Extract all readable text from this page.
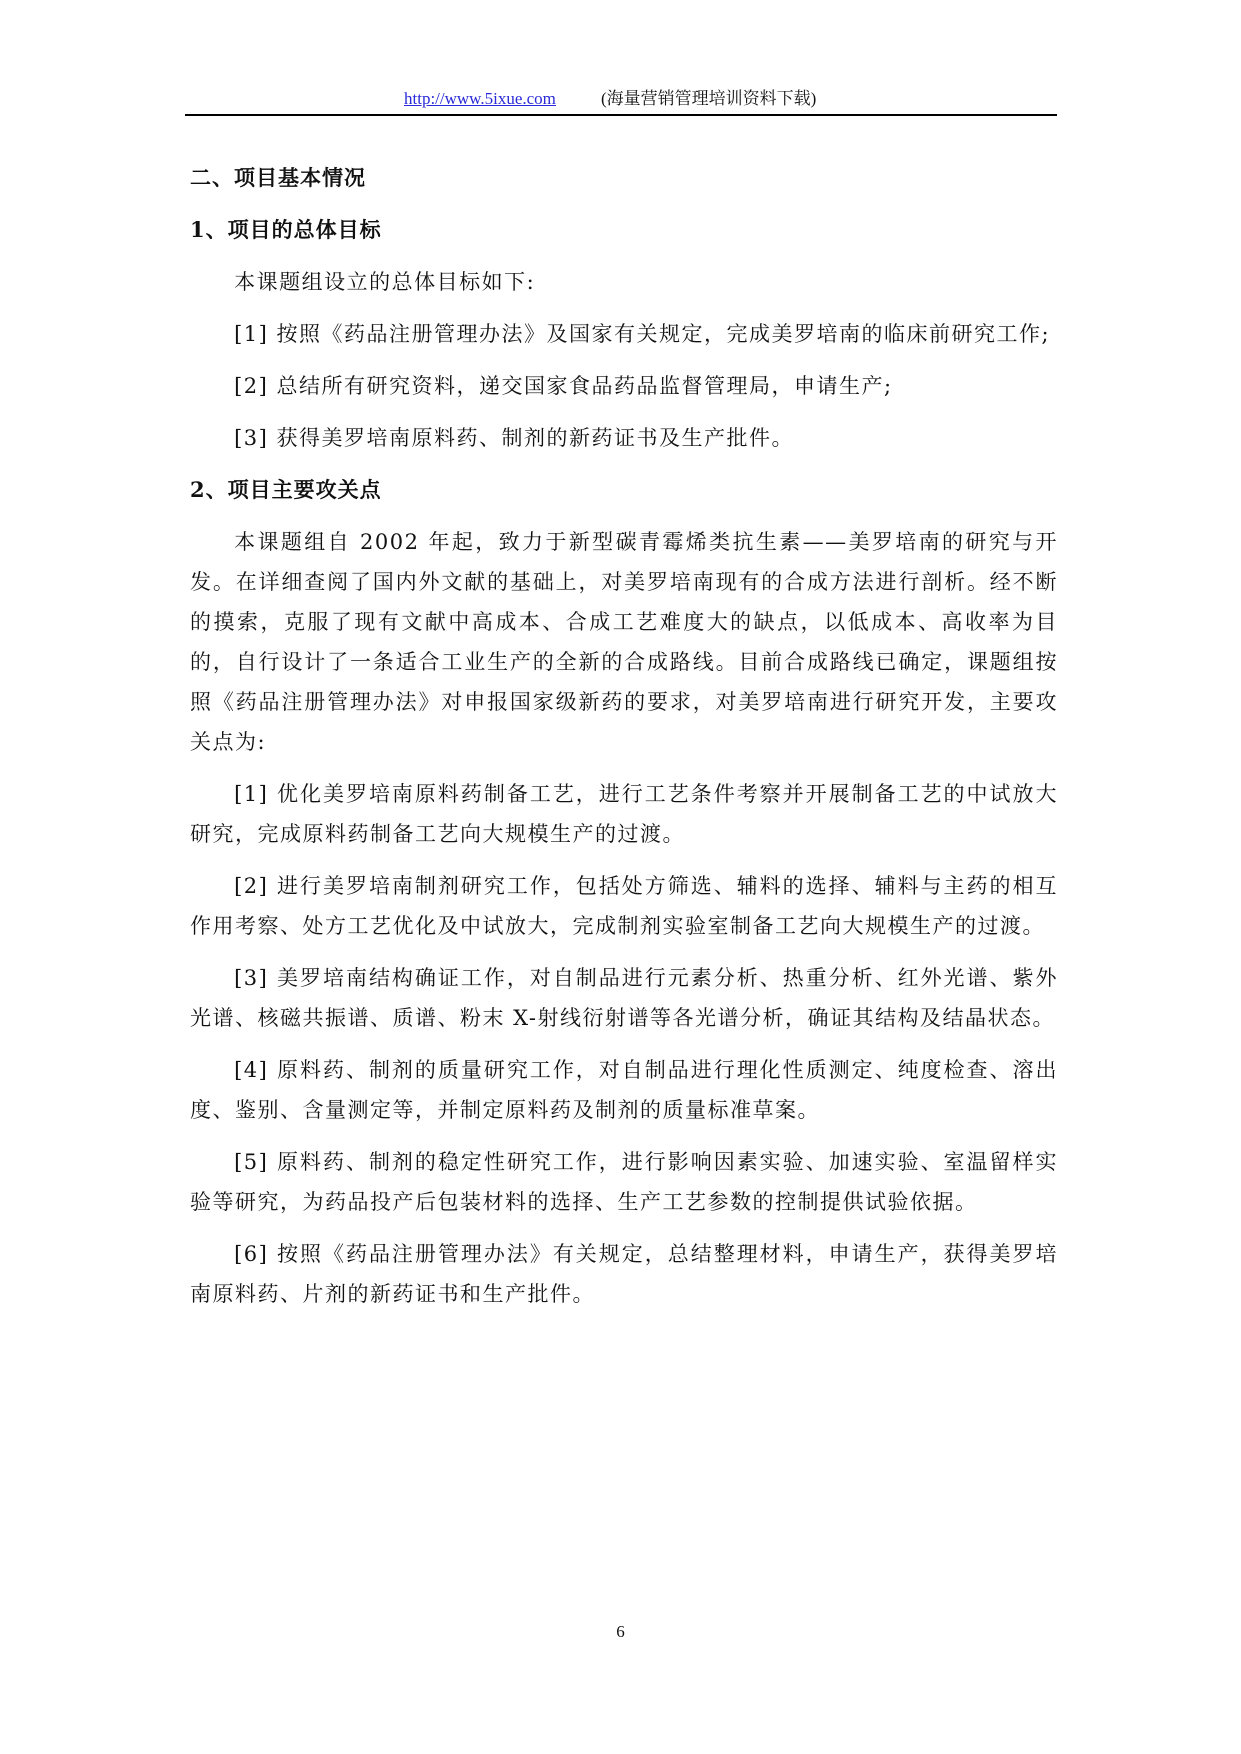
http://www.5ixue.com	(海量营销管理培训资料下载)
二、项目基本情况
1、项目的总体目标

本课题组设立的总体目标如下:

[1] 按照《药品注册管理办法》及国家有关规定，完成美罗培南的临床前研究工作;

[2] 总结所有研究资料，递交国家食品药品监督管理局，申请生产;

[3] 获得美罗培南原料药、制剂的新药证书及生产批件。

2、项目主要攻关点

本课题组自 2002 年起，致力于新型碳青霉烯类抗生素——美罗培南的研究与开发。在详细查阅了国内外文献的基础上，对美罗培南现有的合成方法进行剖析。经不断的摸索，克服了现有文献中高成本、合成工艺难度大的缺点，以低成本、高收率为目的，自行设计了一条适合工业生产的全新的合成路线。目前合成路线已确定，课题组按照《药品注册管理办法》对申报国家级新药的要求，对美罗培南进行研究开发，主要攻关点为:

[1] 优化美罗培南原料药制备工艺，进行工艺条件考察并开展制备工艺的中试放大研究，完成原料药制备工艺向大规模生产的过渡。

[2] 进行美罗培南制剂研究工作，包括处方筛选、辅料的选择、辅料与主药的相互作用考察、处方工艺优化及中试放大，完成制剂实验室制备工艺向大规模生产的过渡。

[3] 美罗培南结构确证工作，对自制品进行元素分析、热重分析、红外光谱、紫外光谱、核磁共振谱、质谱、粉末 X-射线衍射谱等各光谱分析，确证其结构及结晶状态。

[4] 原料药、制剂的质量研究工作，对自制品进行理化性质测定、纯度检查、溶出度、鉴别、含量测定等，并制定原料药及制剂的质量标准草案。

[5] 原料药、制剂的稳定性研究工作，进行影响因素实验、加速实验、室温留样实验等研究，为药品投产后包装材料的选择、生产工艺参数的控制提供试验依据。

[6] 按照《药品注册管理办法》有关规定，总结整理材料，申请生产，获得美罗培南原料药、片剂的新药证书和生产批件。

6
